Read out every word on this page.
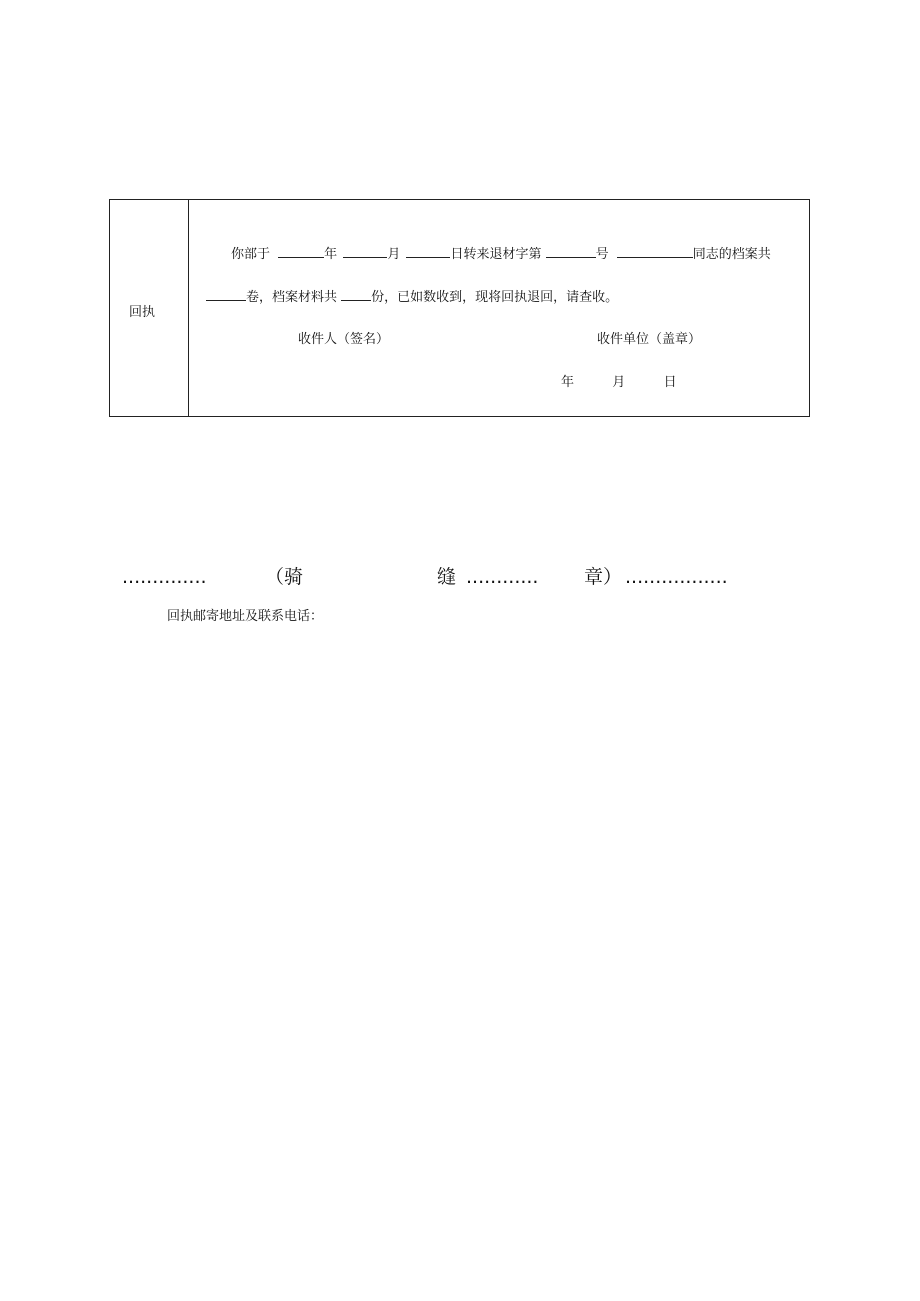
回执
你部于	年	月	日转来退材字第	号	同志的档案共
卷，档案材料共	份，已如数收到，现将回执退回，请查收。
收件人（签名）	收件单位（盖章）
年	月	日
..............	（骑	缝 ............ 章） .................
回执邮寄地址及联系电话：
